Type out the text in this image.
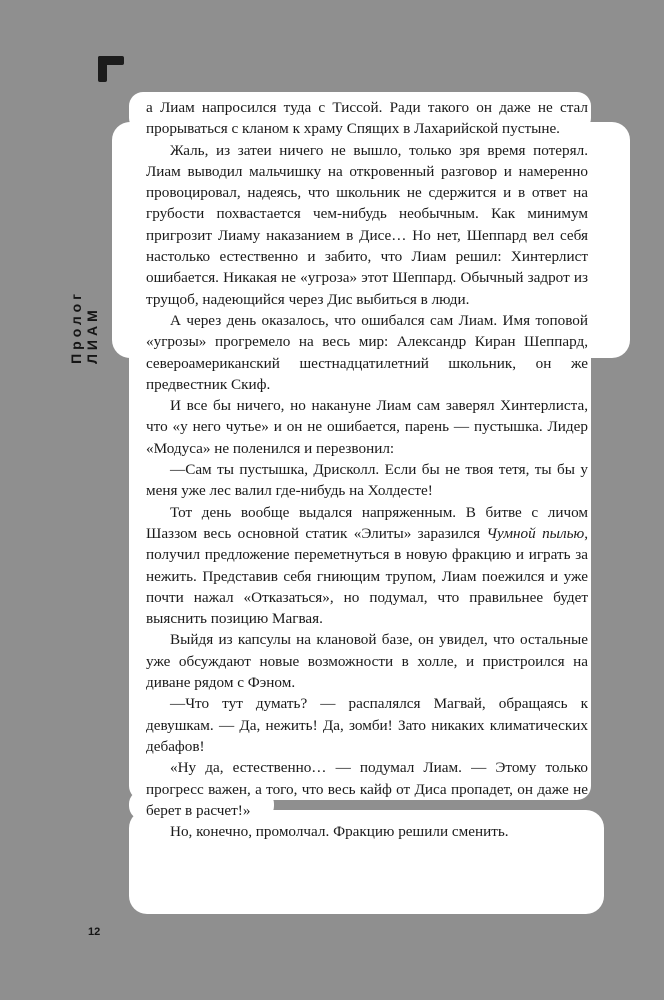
Пролог ЛИАМ

а Лиам напросился туда с Тиссой. Ради такого он даже не стал прорываться с кланом к храму Спящих в Лахарийской пустыне.

Жаль, из затеи ничего не вышло, только зря время потерял. Лиам выводил мальчишку на откровенный разговор и намеренно провоцировал, надеясь, что школьник не сдержится и в ответ на грубости похвастается чем-нибудь необычным. Как минимум пригрозит Лиаму наказанием в Дисе… Но нет, Шеппард вел себя настолько естественно и забито, что Лиам решил: Хинтерлист ошибается. Никакая не «угроза» этот Шеппард. Обычный задрот из трущоб, надеющийся через Дис выбиться в люди.

А через день оказалось, что ошибался сам Лиам. Имя топовой «угрозы» прогремело на весь мир: Александр Киран Шеппард, североамериканский шестнадцатилетний школьник, он же предвестник Скиф.

И все бы ничего, но накануне Лиам сам заверял Хинтерлиста, что «у него чутье» и он не ошибается, парень — пустышка. Лидер «Модуса» не поленился и перезвонил:

—Сам ты пустышка, Дрисколл. Если бы не твоя тетя, ты бы у меня уже лес валил где-нибудь на Холдесте!

Тот день вообще выдался напряженным. В битве с личом Шаззом весь основной статик «Элиты» заразился Чумной пылью, получил предложение переметнуться в новую фракцию и играть за нежить. Представив себя гниющим трупом, Лиам поежился и уже почти нажал «Отказаться», но подумал, что правильнее будет выяснить позицию Магвая.

Выйдя из капсулы на клановой базе, он увидел, что остальные уже обсуждают новые возможности в холле, и пристроился на диване рядом с Фэном.

—Что тут думать? — распалялся Магвай, обращаясь к девушкам. — Да, нежить! Да, зомби! Зато никаких климатических дебафов!

«Ну да, естественно… — подумал Лиам. — Этому только прогресс важен, а того, что весь кайф от Диса пропадет, он даже не берет в расчет!»

Но, конечно, промолчал. Фракцию решили сменить.

12
